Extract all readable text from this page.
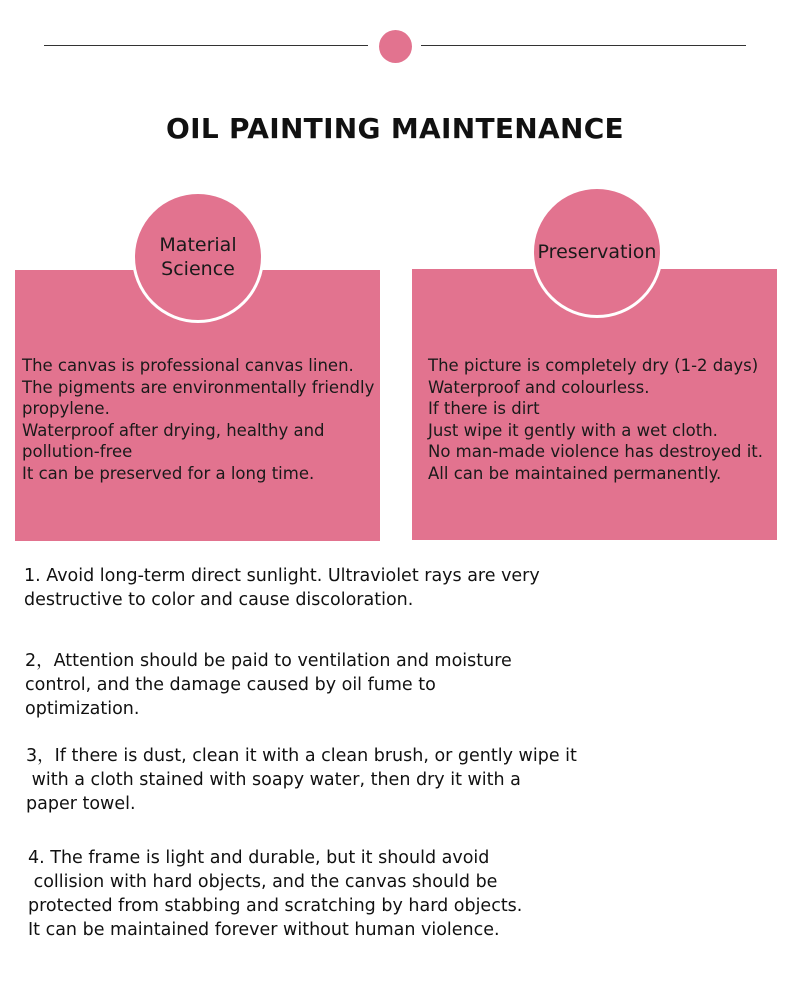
OIL PAINTING MAINTENANCE
Material
Science
The canvas is professional canvas linen.
The pigments are environmentally friendly
propylene.
Waterproof after drying, healthy and
pollution-free
It can be preserved for a long time.
Preservation
The picture is completely dry (1-2 days)
Waterproof and colourless.
If there is dirt
Just wipe it gently with a wet cloth.
No man-made violence has destroyed it.
All can be maintained permanently.
1. Avoid long-term direct sunlight. Ultraviolet rays are very
destructive to color and cause discoloration.
2，Attention should be paid to ventilation and moisture
control, and the damage caused by oil fume to
optimization.
3，If there is dust, clean it with a clean brush, or gently wipe it
with a cloth stained with soapy water, then dry it with a
paper towel.
4. The frame is light and durable, but it should avoid
collision with hard objects, and the canvas should be
protected from stabbing and scratching by hard objects.
It can be maintained forever without human violence.
